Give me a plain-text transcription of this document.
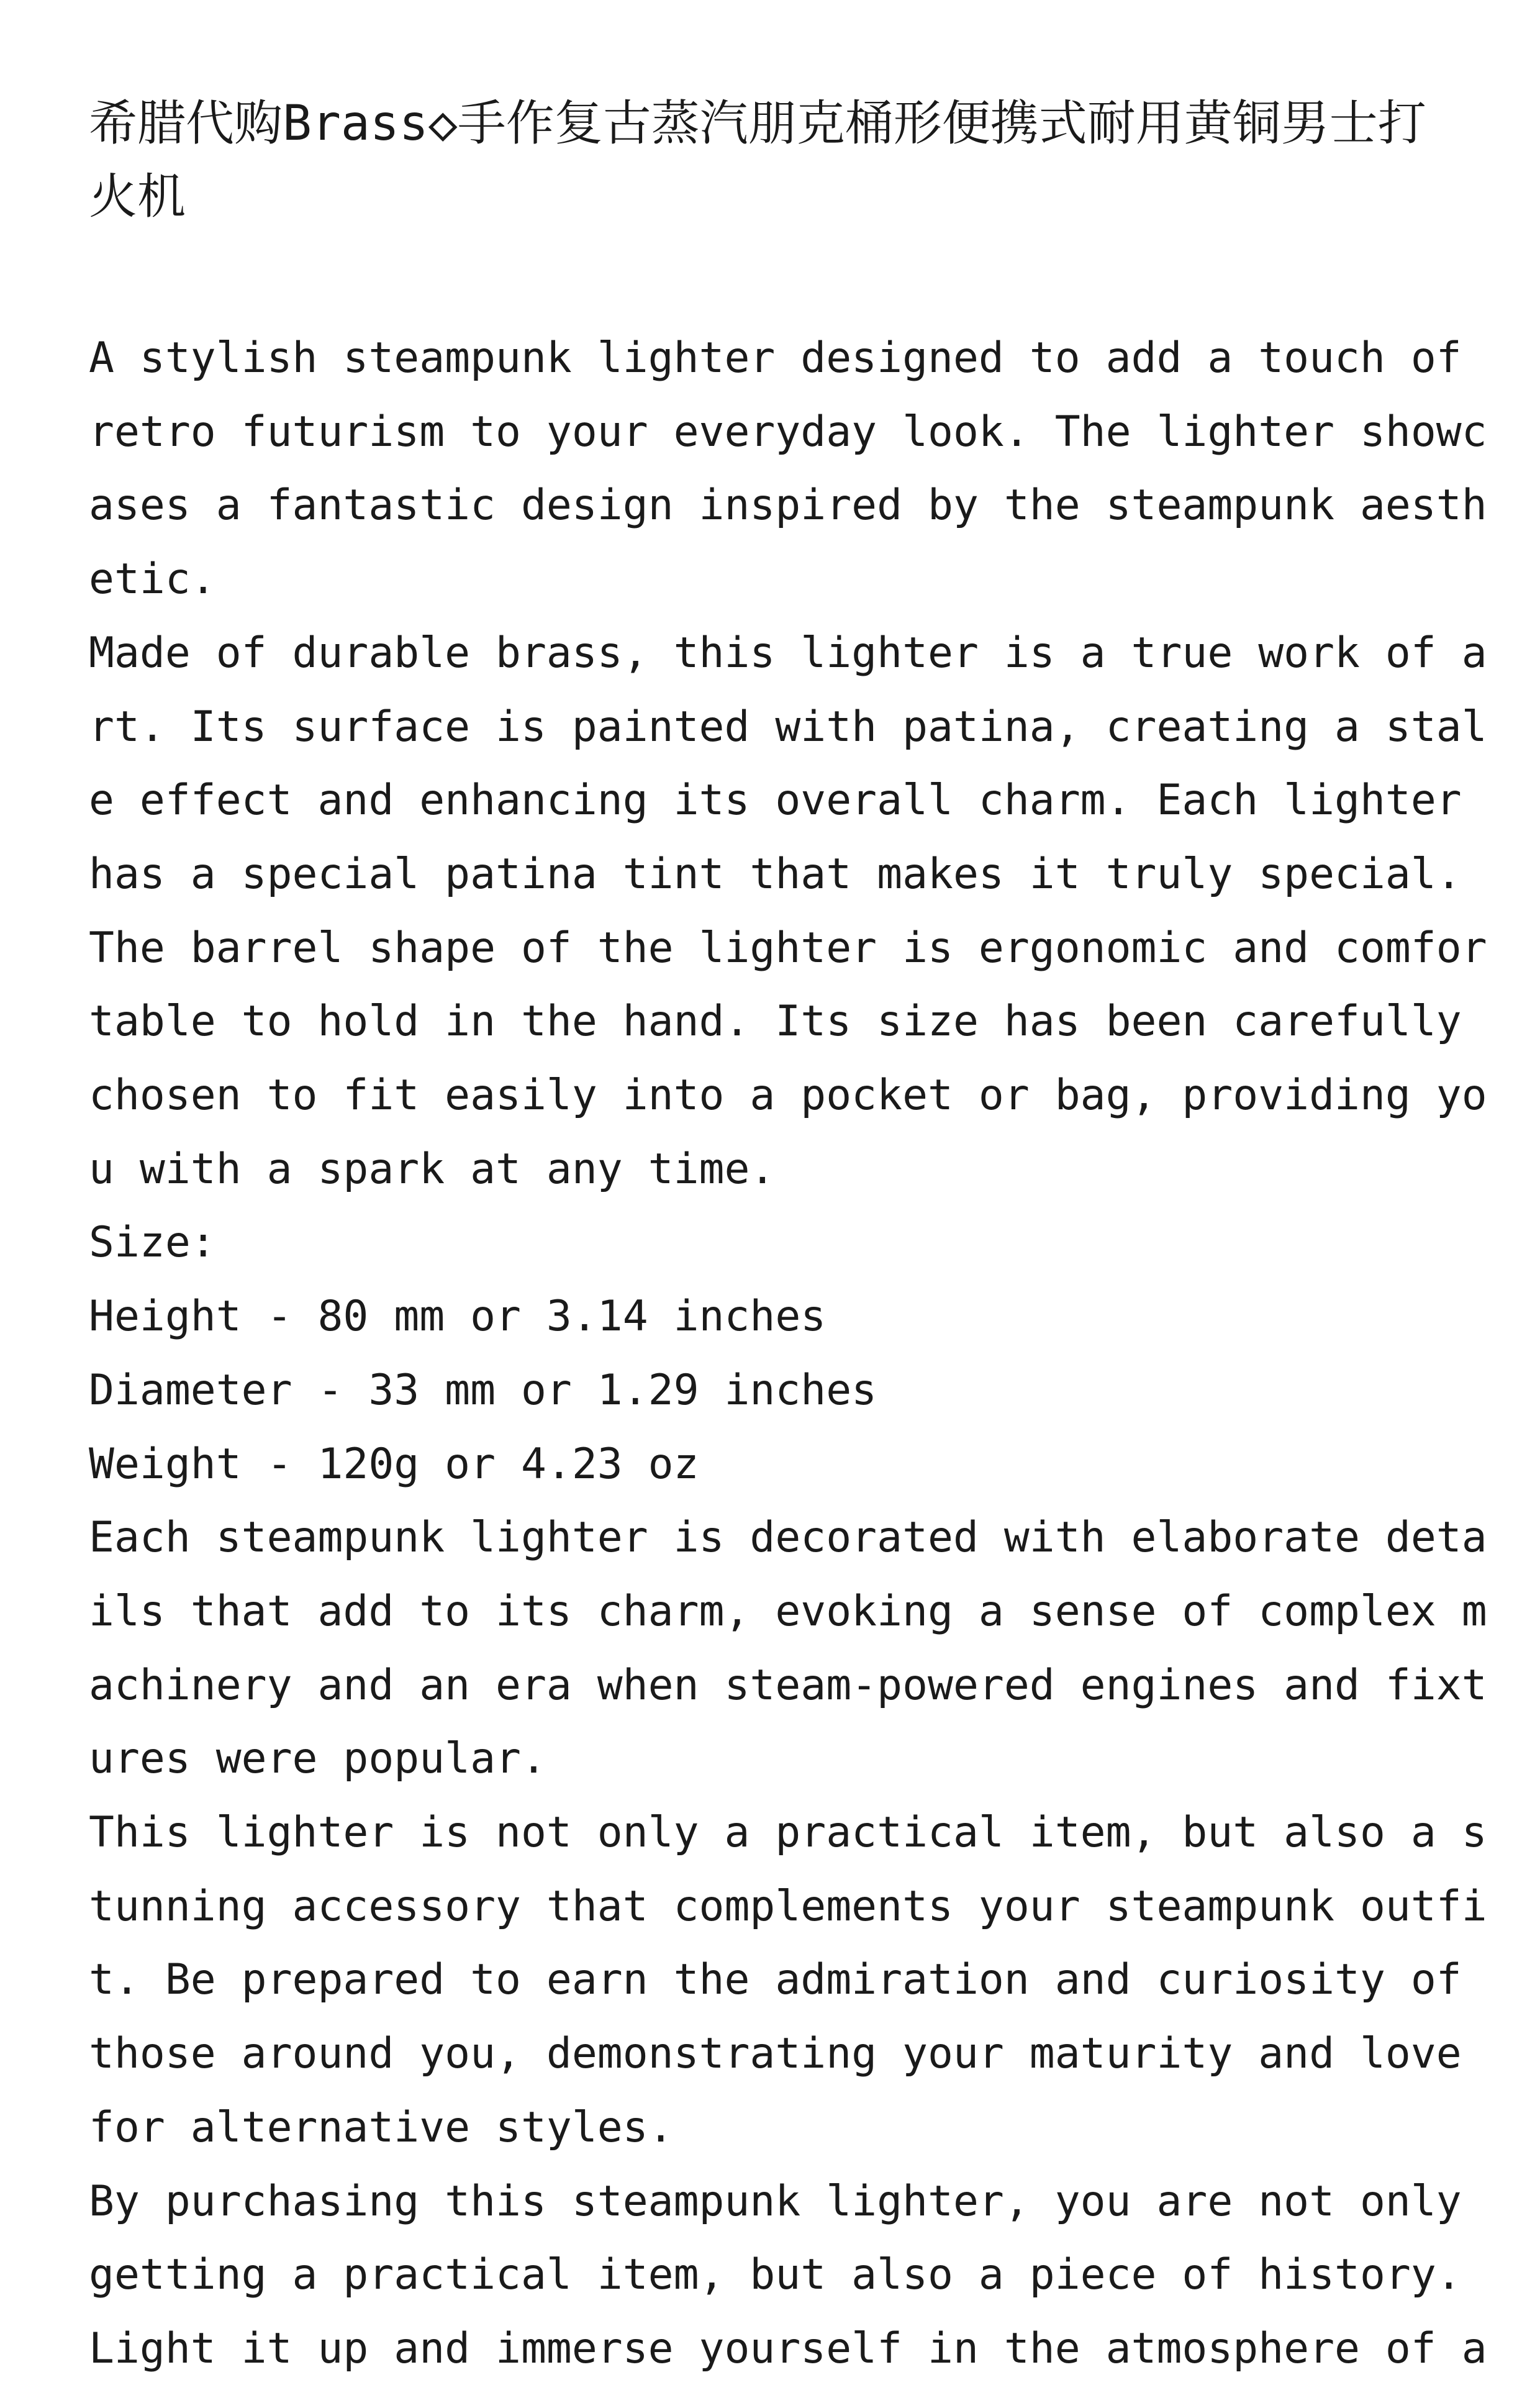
希腊代购Brass◇手作复古蒸汽朋克桶形便携式耐用黄铜男士打火机
A stylish steampunk lighter designed to add a touch of
retro futurism to your everyday look. The lighter showc
ases a fantastic design inspired by the steampunk aesth
etic.
Made of durable brass, this lighter is a true work of a
rt. Its surface is painted with patina, creating a stal
e effect and enhancing its overall charm. Each lighter
has a special patina tint that makes it truly special.
The barrel shape of the lighter is ergonomic and comfor
table to hold in the hand. Its size has been carefully
chosen to fit easily into a pocket or bag, providing yo
u with a spark at any time.
Size:
Height - 80 mm or 3.14 inches
Diameter - 33 mm or 1.29 inches
Weight - 120g or 4.23 oz
Each steampunk lighter is decorated with elaborate deta
ils that add to its charm, evoking a sense of complex m
achinery and an era when steam-powered engines and fixt
ures were popular.
This lighter is not only a practical item, but also a s
tunning accessory that complements your steampunk outfi
t. Be prepared to earn the admiration and curiosity of
those around you, demonstrating your maturity and love
for alternative styles.
By purchasing this steampunk lighter, you are not only
getting a practical item, but also a piece of history.
Light it up and immerse yourself in the atmosphere of a
